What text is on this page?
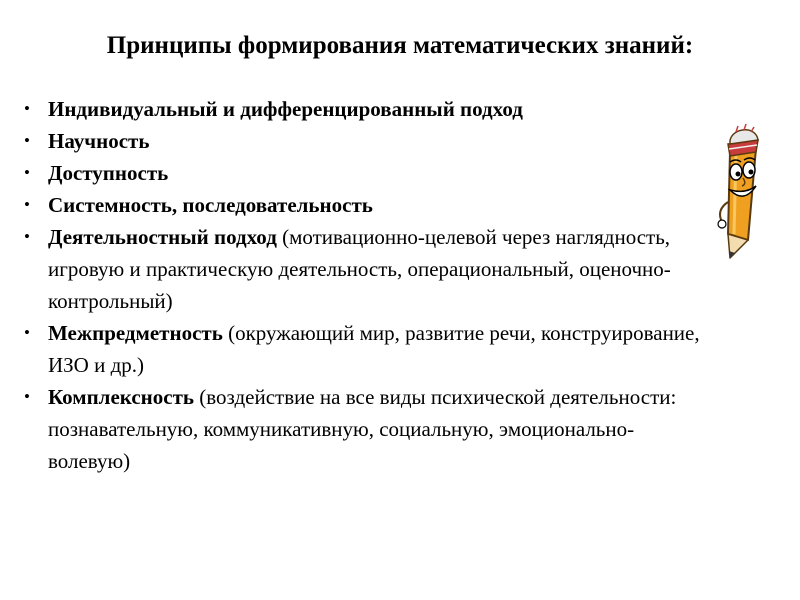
Принципы формирования математических знаний:
• Индивидуальный и дифференцированный подход
• Научность
• Доступность
• Системность, последовательность
• Деятельностный подход (мотивационно-целевой через наглядность, игровую и практическую деятельность, операциональный, оценочно-контрольный)
• Межпредметность (окружающий мир, развитие речи, конструирование, ИЗО и др.)
• Комплексность (воздействие на все виды психической деятельности: познавательную, коммуникативную, социальную, эмоционально-волевую)
